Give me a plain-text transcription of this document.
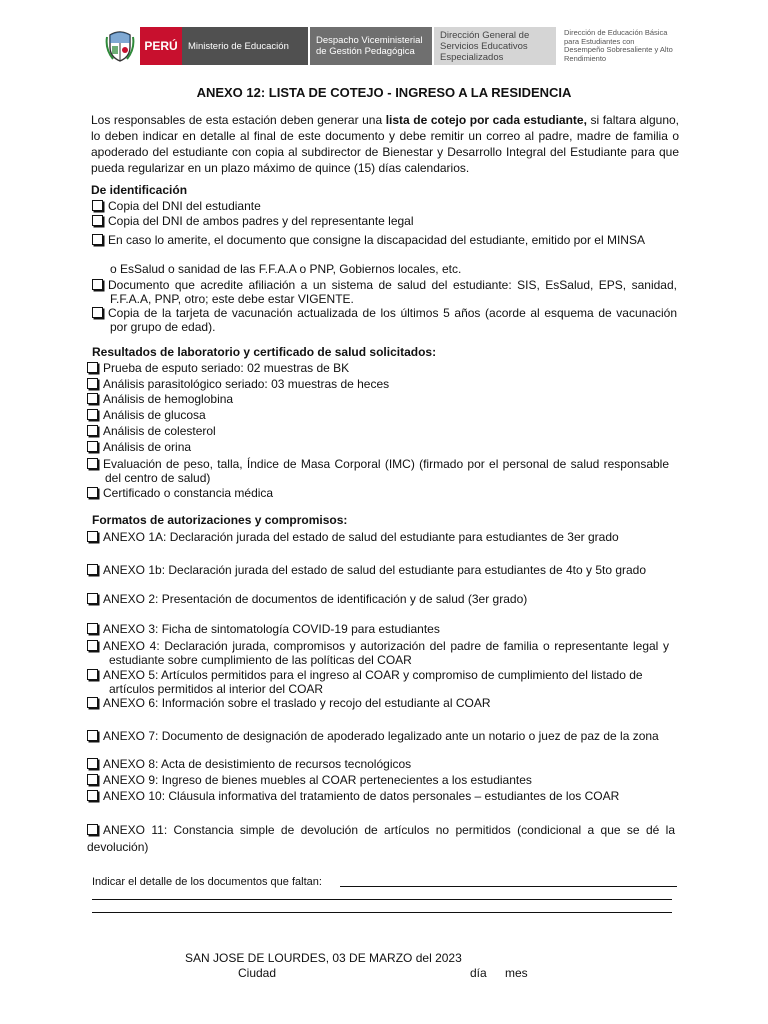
PERÚ	Ministerio de Educación	Despacho Viceministerial de Gestión Pedagógica
Dirección General de Servicios Educativos Especializados
Dirección de Educación Básica para Estudiantes con Desempeño Sobresaliente y Alto Rendimiento
ANEXO 12: LISTA DE COTEJO - INGRESO A LA RESIDENCIA
Los responsables de esta estación deben generar una lista de cotejo por cada estudiante, si faltara alguno, lo deben indicar en detalle al final de este documento y debe remitir un correo al padre, madre de familia o apoderado del estudiante con copia al subdirector de Bienestar y Desarrollo Integral del Estudiante para que pueda regularizar en un plazo máximo de quince (15) días calendarios.
De identificación
Copia del DNI del estudiante
Copia del DNI de ambos padres y del representante legal
En caso lo amerite, el documento que consigne la discapacidad del estudiante, emitido por el MINSA
o EsSalud o sanidad de las F.F.A.A o PNP, Gobiernos locales, etc.
Documento que acredite afiliación a un sistema de salud del estudiante: SIS, EsSalud, EPS, sanidad, F.F.A.A, PNP, otro; este debe estar VIGENTE.
Copia de la tarjeta de vacunación actualizada de los últimos 5 años (acorde al esquema de vacunación por grupo de edad).
Resultados de laboratorio y certificado de salud solicitados:
Prueba de esputo seriado: 02 muestras de BK
Análisis parasitológico seriado: 03 muestras de heces
Análisis de hemoglobina
Análisis de glucosa
Análisis de colesterol
Análisis de orina
Evaluación de peso, talla, Índice de Masa Corporal (IMC) (firmado por el personal de salud responsable del centro de salud)
Certificado o constancia médica
Formatos de autorizaciones y compromisos:
ANEXO 1A: Declaración jurada del estado de salud del estudiante para estudiantes de 3er grado
ANEXO 1b: Declaración jurada del estado de salud del estudiante para estudiantes de 4to y 5to grado
ANEXO 2: Presentación de documentos de identificación y de salud (3er grado)
ANEXO 3: Ficha de sintomatología COVID-19 para estudiantes
ANEXO 4: Declaración jurada, compromisos y autorización del padre de familia o representante legal y estudiante sobre cumplimiento de las políticas del COAR
ANEXO 5: Artículos permitidos para el ingreso al COAR y compromiso de cumplimiento del listado de artículos permitidos al interior del COAR
ANEXO 6: Información sobre el traslado y recojo del estudiante al COAR
ANEXO 7: Documento de designación de apoderado legalizado ante un notario o juez de paz de la zona
ANEXO 8: Acta de desistimiento de recursos tecnológicos
ANEXO 9: Ingreso de bienes muebles al COAR pertenecientes a los estudiantes
ANEXO 10: Cláusula informativa del tratamiento de datos personales – estudiantes de los COAR
ANEXO 11: Constancia simple de devolución de artículos no permitidos (condicional a que se dé la devolución)
Indicar el detalle de los documentos que faltan:
SAN JOSE DE LOURDES, 03 DE MARZO del 2023
Ciudad	día mes
